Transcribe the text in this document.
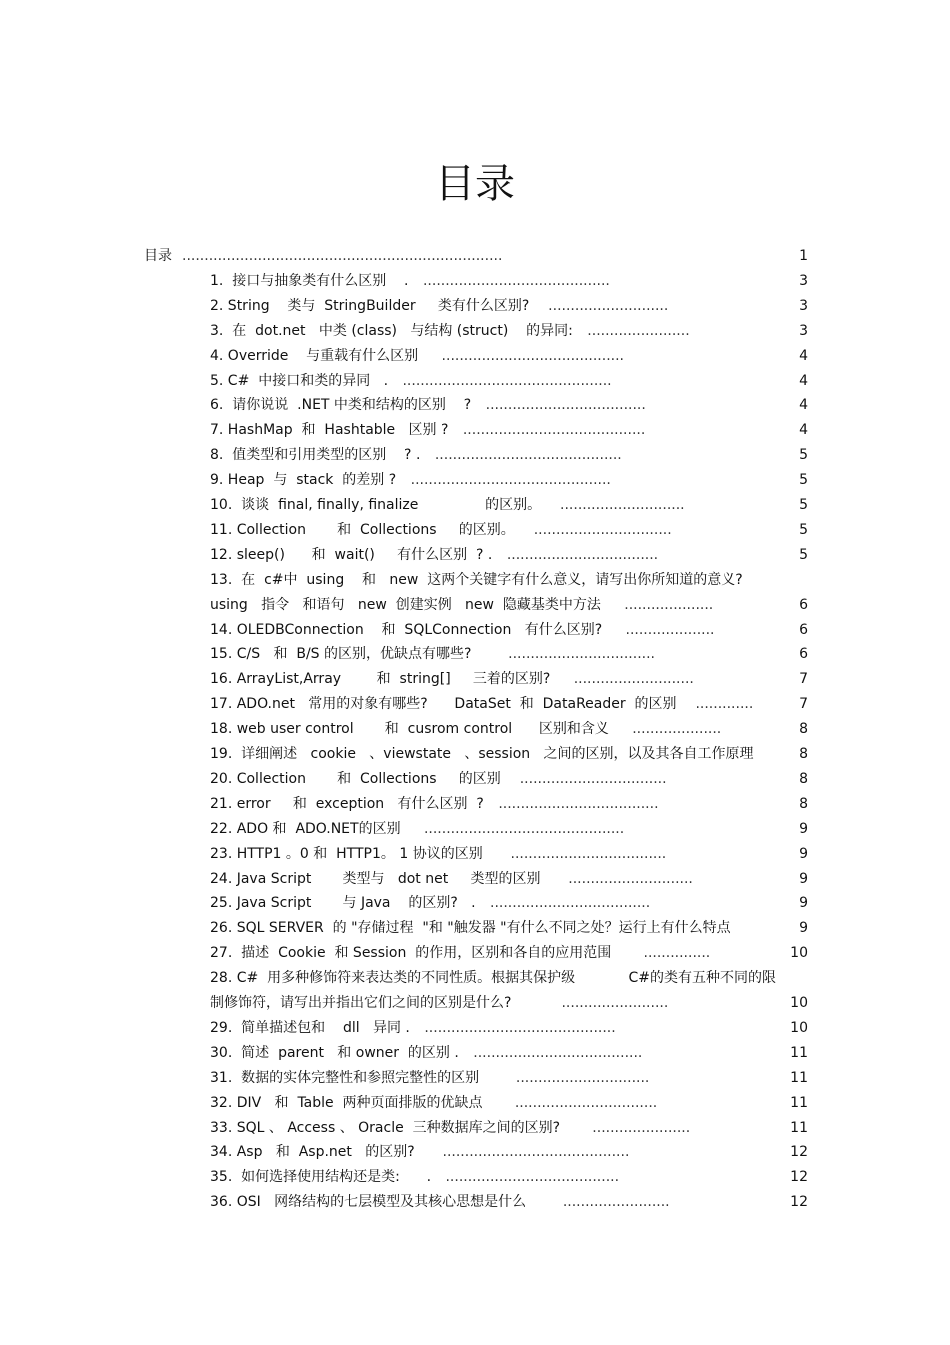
目录
目录 ........................................................................	1
1.  接口与抽象类有什么区别    . ..........................................	3
2. String    类与  StringBuilder     类有什么区别?  ...........................	3
3.  在  dot.net   中类 (class)   与结构 (struct)    的异同: .......................	3
4. Override    与重载有什么区别   .........................................	4
5. C#  中接口和类的异同   . ...............................................	4
6.  请你说说  .NET 中类和结构的区别    ? ....................................	4
7. HashMap  和  Hashtable   区别 ? .........................................	4
8.  值类型和引用类型的区别    ? . ..........................................	5
9. Heap  与  stack  的差别 ? .............................................	5
10.  谈谈  final, finally, finalize               的区别。  ............................	5
11. Collection       和  Collections     的区别。  ...............................	5
12. sleep()      和  wait()     有什么区别  ? . ..................................	5
13.  在  c#中  using    和   new  这两个关键字有什么意义，请写出你所知道的意义?
using   指令   和语句   new  创建实例   new  隐藏基类中方法   ....................	6
14. OLEDBConnection    和  SQLConnection   有什么区别?   ....................	6
15. C/S   和  B/S 的区别，优缺点有哪些?      .................................	6
16. ArrayList,Array        和  string[]     三着的区别?   ...........................	7
17. ADO.net   常用的对象有哪些?      DataSet  和  DataReader  的区别  .............	7
18. web user control       和  cusrom control      区别和含义   ....................	8
19.  详细阐述   cookie   、viewstate   、session   之间的区别，以及其各自工作原理	8
20. Collection       和  Collections     的区别  .................................	8
21. error     和  exception   有什么区别  ? ....................................	8
22. ADO 和  ADO.NET的区别   .............................................	9
23. HTTP1 。0 和  HTTP1。 1 协议的区别    ...................................	9
24. Java Script       类型与   dot net     类型的区别    ............................	9
25. Java Script       与 Java    的区别?   . ....................................	9
26. SQL SERVER  的 "存储过程  "和 "触发器 "有什么不同之处？运行上有什么特点	9
27.  描述  Cookie  和 Session  的作用，区别和各自的应用范围     ...............	10
28. C#  用多种修饰符来表达类的不同性质。根据其保护级            C#的类有五种不同的限
制修饰符，请写出并指出它们之间的区别是什么?         ........................	10
29.  简单描述包和    dll   异同 . ...........................................	10
30.  简述  parent   和 owner  的区别 . ......................................	11
31.  数据的实体完整性和参照完整性的区别      ..............................	11
32. DIV   和  Table  两种页面排版的优缺点     ................................	11
33. SQL 、 Access 、 Oracle  三种数据库之间的区别?     ......................	11
34. Asp   和  Asp.net   的区别?    ..........................................	12
35.  如何选择使用结构还是类:      . .......................................	12
36. OSI   网络结构的七层模型及其核心思想是什么      ........................	12
